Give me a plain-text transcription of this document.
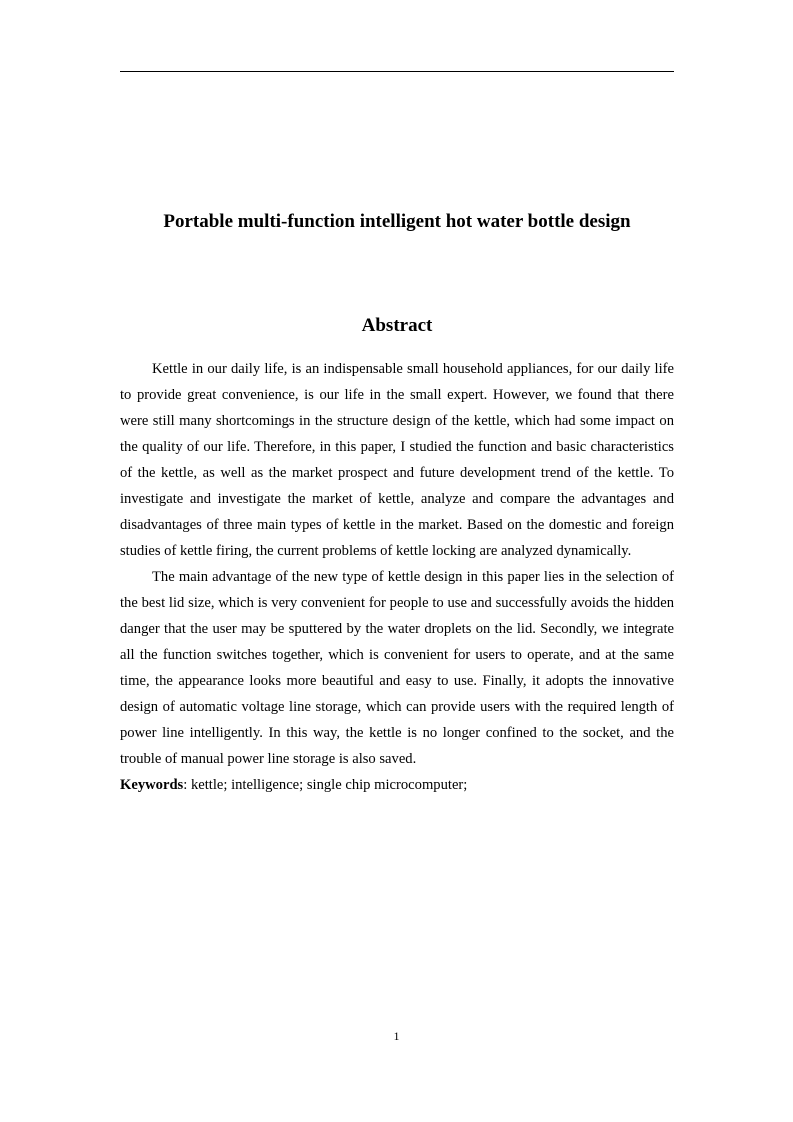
Portable multi-function intelligent hot water bottle design
Abstract

Kettle in our daily life, is an indispensable small household appliances, for our daily life to provide great convenience, is our life in the small expert. However, we found that there were still many shortcomings in the structure design of the kettle, which had some impact on the quality of our life. Therefore, in this paper, I studied the function and basic characteristics of the kettle, as well as the market prospect and future development trend of the kettle. To investigate and investigate the market of kettle, analyze and compare the advantages and disadvantages of three main types of kettle in the market. Based on the domestic and foreign studies of kettle firing, the current problems of kettle locking are analyzed dynamically.

The main advantage of the new type of kettle design in this paper lies in the selection of the best lid size, which is very convenient for people to use and successfully avoids the hidden danger that the user may be sputtered by the water droplets on the lid. Secondly, we integrate all the function switches together, which is convenient for users to operate, and at the same time, the appearance looks more beautiful and easy to use. Finally, it adopts the innovative design of automatic voltage line storage, which can provide users with the required length of power line intelligently. In this way, the kettle is no longer confined to the socket, and the trouble of manual power line storage is also saved.

Keywords: kettle; intelligence; single chip microcomputer;

1
